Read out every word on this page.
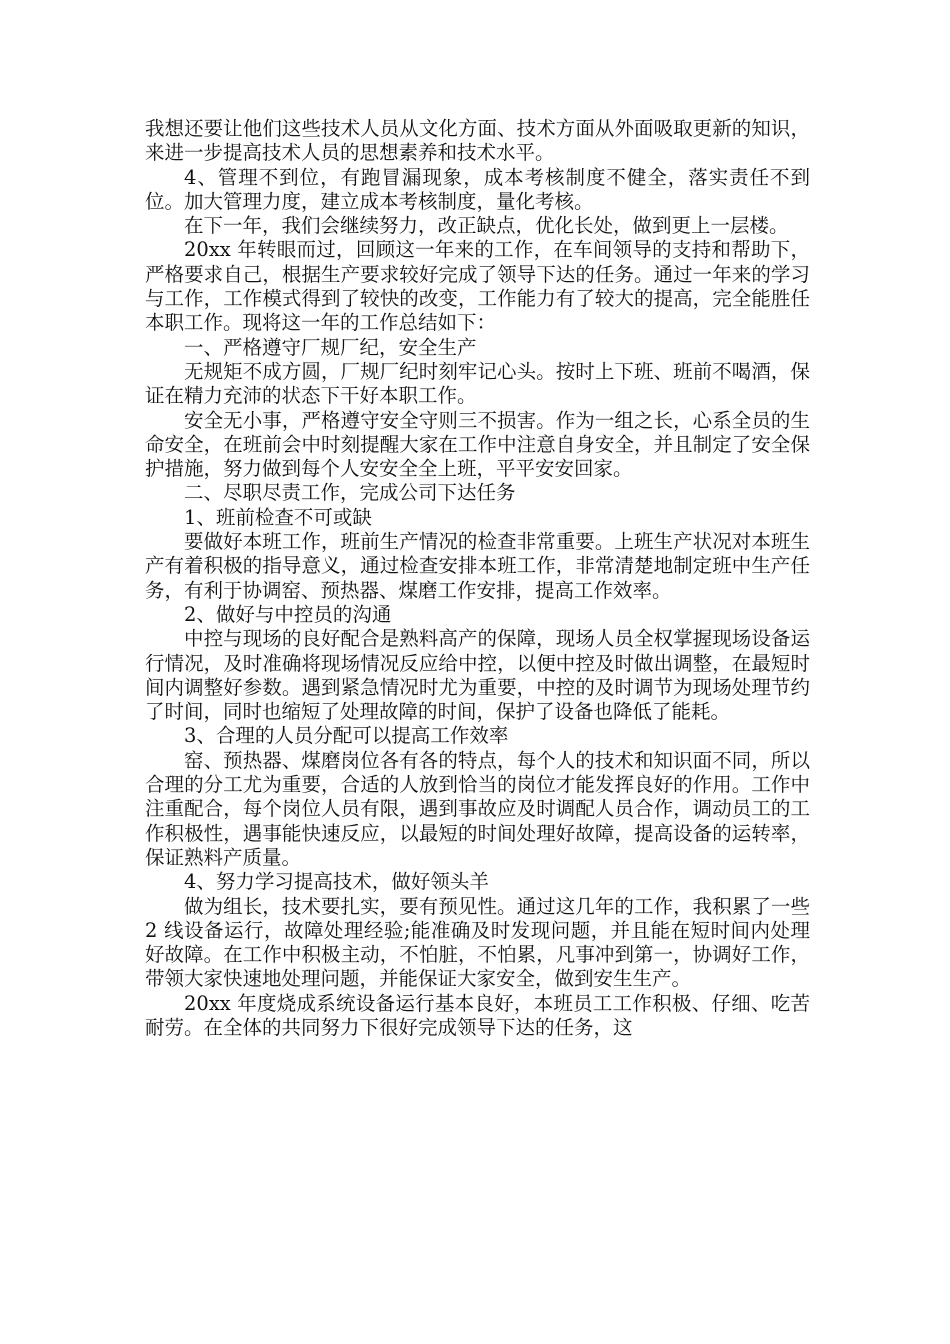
我想还要让他们这些技术人员从文化方面、技术方面从外面吸取更新的知识，来进一步提高技术人员的思想素养和技术水平。

4、管理不到位，有跑冒漏现象，成本考核制度不健全，落实责任不到位。加大管理力度，建立成本考核制度，量化考核。

在下一年，我们会继续努力，改正缺点，优化长处，做到更上一层楼。

20xx 年转眼而过，回顾这一年来的工作，在车间领导的支持和帮助下，严格要求自己，根据生产要求较好完成了领导下达的任务。通过一年来的学习与工作，工作模式得到了较快的改变，工作能力有了较大的提高，完全能胜任本职工作。现将这一年的工作总结如下：

一、严格遵守厂规厂纪，安全生产

无规矩不成方圆，厂规厂纪时刻牢记心头。按时上下班、班前不喝酒，保证在精力充沛的状态下干好本职工作。

安全无小事，严格遵守安全守则三不损害。作为一组之长，心系全员的生命安全，在班前会中时刻提醒大家在工作中注意自身安全，并且制定了安全保护措施，努力做到每个人安安全全上班，平平安安回家。

二、尽职尽责工作，完成公司下达任务

1、班前检查不可或缺

要做好本班工作，班前生产情况的检查非常重要。上班生产状况对本班生产有着积极的指导意义，通过检查安排本班工作，非常清楚地制定班中生产任务，有利于协调窑、预热器、煤磨工作安排，提高工作效率。

2、做好与中控员的沟通

中控与现场的良好配合是熟料高产的保障，现场人员全权掌握现场设备运行情况，及时准确将现场情况反应给中控，以便中控及时做出调整，在最短时间内调整好参数。遇到紧急情况时尤为重要，中控的及时调节为现场处理节约了时间，同时也缩短了处理故障的时间，保护了设备也降低了能耗。

3、合理的人员分配可以提高工作效率

窑、预热器、煤磨岗位各有各的特点，每个人的技术和知识面不同，所以合理的分工尤为重要，合适的人放到恰当的岗位才能发挥良好的作用。工作中注重配合，每个岗位人员有限，遇到事故应及时调配人员合作，调动员工的工作积极性，遇事能快速反应，以最短的时间处理好故障，提高设备的运转率，保证熟料产质量。

4、努力学习提高技术，做好领头羊

做为组长，技术要扎实，要有预见性。通过这几年的工作，我积累了一些 2 线设备运行，故障处理经验;能准确及时发现问题，并且能在短时间内处理好故障。在工作中积极主动，不怕脏，不怕累，凡事冲到第一，协调好工作，带领大家快速地处理问题，并能保证大家安全，做到安生生产。

20xx 年度烧成系统设备运行基本良好，本班员工工作积极、仔细、吃苦耐劳。在全体的共同努力下很好完成领导下达的任务，这
